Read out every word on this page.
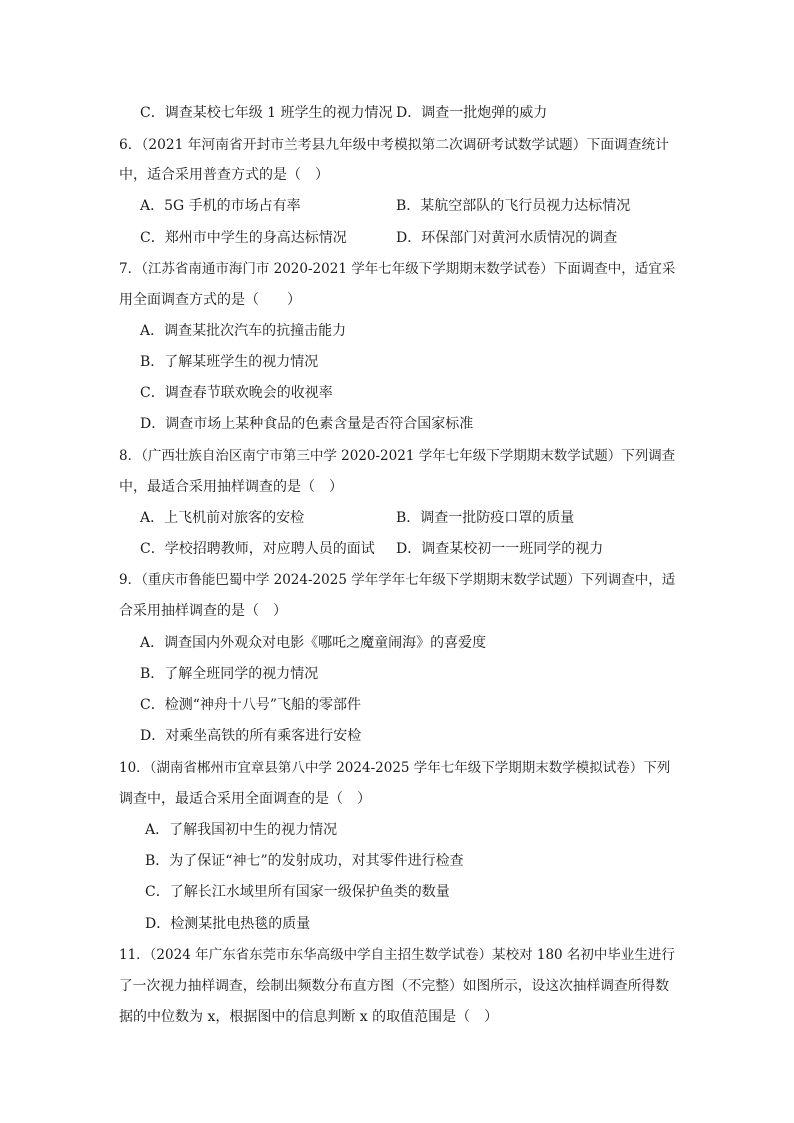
C．调查某校七年级 1 班学生的视力情况 D．调查一批炮弹的威力
6．（2021 年河南省开封市兰考县九年级中考模拟第二次调研考试数学试题）下面调查统计
中，适合采用普查方式的是（　）
A．5G 手机的市场占有率	B．某航空部队的飞行员视力达标情况
C．郑州市中学生的身高达标情况	D．环保部门对黄河水质情况的调查
7．（江苏省南通市海门市 2020-2021 学年七年级下学期期末数学试卷）下面调查中，适宜采
用全面调查方式的是（　　）
A．调查某批次汽车的抗撞击能力
B．了解某班学生的视力情况
C．调查春节联欢晚会的收视率
D．调查市场上某种食品的色素含量是否符合国家标准
8．（广西壮族自治区南宁市第三中学 2020-2021 学年七年级下学期期末数学试题）下列调查
中，最适合采用抽样调查的是（　）
A．上飞机前对旅客的安检	B．调查一批防疫口罩的质量
C．学校招聘教师，对应聘人员的面试 D．调查某校初一一班同学的视力
9．（重庆市鲁能巴蜀中学 2024-2025 学年学年七年级下学期期末数学试题）下列调查中，适
合采用抽样调查的是（　）
A．调查国内外观众对电影《哪吒之魔童闹海》的喜爱度
B．了解全班同学的视力情况
C．检测“神舟十八号”飞船的零部件
D．对乘坐高铁的所有乘客进行安检
10．（湖南省郴州市宜章县第八中学 2024-2025 学年七年级下学期期末数学模拟试卷）下列
调查中，最适合采用全面调查的是（　）
A．了解我国初中生的视力情况
B．为了保证“神七”的发射成功，对其零件进行检查
C．了解长江水域里所有国家一级保护鱼类的数量
D．检测某批电热毯的质量
11．（2024 年广东省东莞市东华高级中学自主招生数学试卷）某校对 180 名初中毕业生进行
了一次视力抽样调查，绘制出频数分布直方图（不完整）如图所示，设这次抽样调查所得数
据的中位数为 x，根据图中的信息判断 x 的取值范围是（　）
